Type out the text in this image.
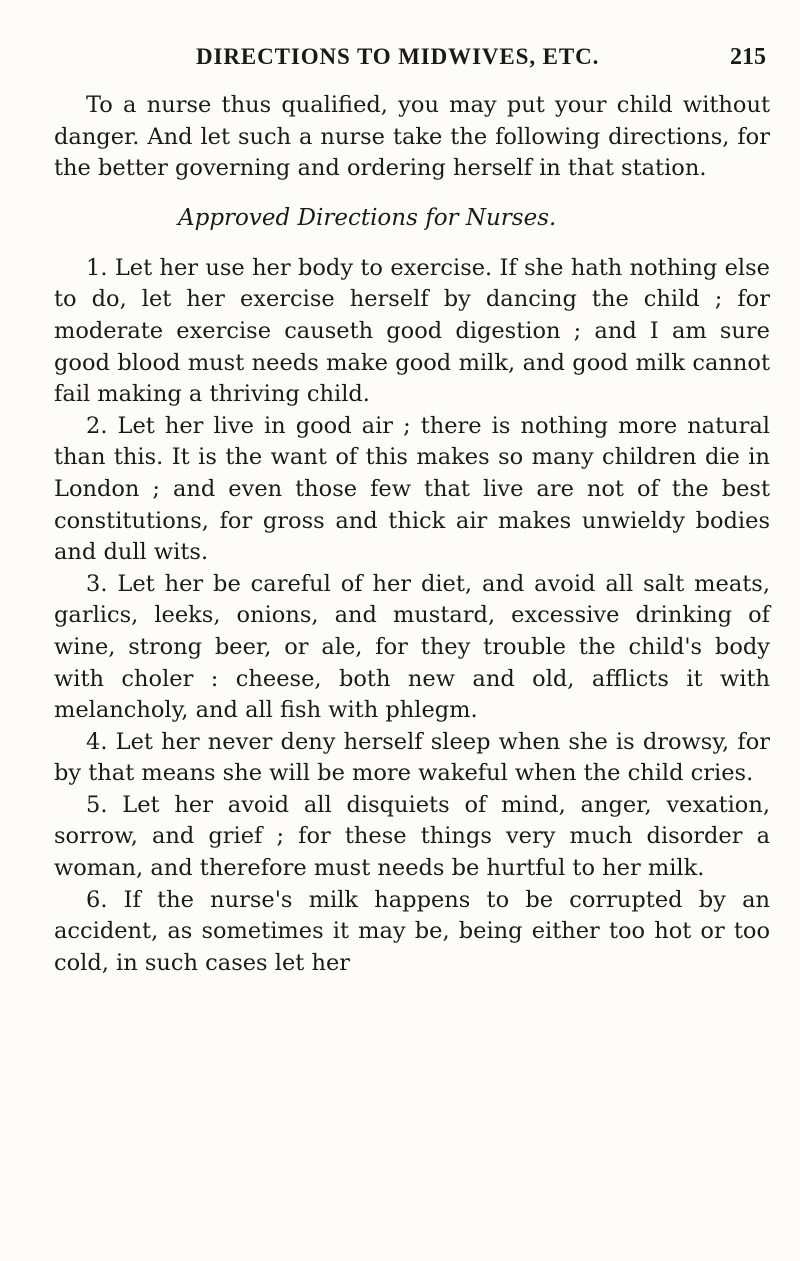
DIRECTIONS TO MIDWIVES, ETC.	215

To a nurse thus qualified, you may put your child without danger. And let such a nurse take the following directions, for the better governing and ordering herself in that station.

Approved Directions for Nurses.

1. Let her use her body to exercise. If she hath nothing else to do, let her exercise herself by dancing the child ; for moderate exercise causeth good digestion ; and I am sure good blood must needs make good milk, and good milk cannot fail making a thriving child.

2. Let her live in good air ; there is nothing more natural than this. It is the want of this makes so many children die in London ; and even those few that live are not of the best constitutions, for gross and thick air makes unwieldy bodies and dull wits.

3. Let her be careful of her diet, and avoid all salt meats, garlics, leeks, onions, and mustard, excessive drinking of wine, strong beer, or ale, for they trouble the child's body with choler : cheese, both new and old, afflicts it with melancholy, and all fish with phlegm.

4. Let her never deny herself sleep when she is drowsy, for by that means she will be more wakeful when the child cries.

5. Let her avoid all disquiets of mind, anger, vexation, sorrow, and grief ; for these things very much disorder a woman, and therefore must needs be hurtful to her milk.

6. If the nurse's milk happens to be corrupted by an accident, as sometimes it may be, being either too hot or too cold, in such cases let her
